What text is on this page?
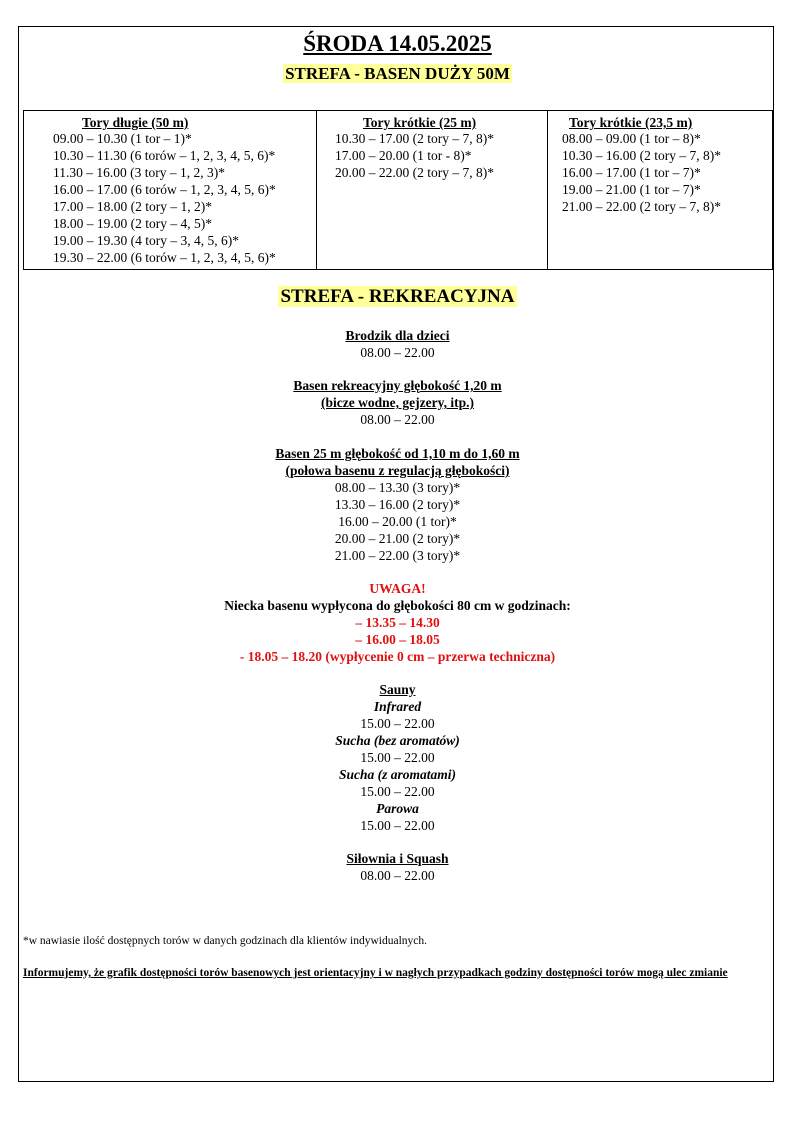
ŚRODA 14.05.2025
STREFA - BASEN DUŻY 50M
Tory długie (50 m)
09.00 – 10.30 (1 tor – 1)*
10.30 – 11.30 (6 torów – 1, 2, 3, 4, 5, 6)*
11.30 – 16.00 (3 tory – 1, 2, 3)*
16.00 – 17.00 (6 torów – 1, 2, 3, 4, 5, 6)*
17.00 – 18.00 (2 tory – 1, 2)*
18.00 – 19.00 (2 tory – 4, 5)*
19.00 – 19.30 (4 tory – 3, 4, 5, 6)*
19.30 – 22.00 (6 torów – 1, 2, 3, 4, 5, 6)*

Tory krótkie (25 m)
10.30 – 17.00 (2 tory – 7, 8)*
17.00 – 20.00 (1 tor - 8)*
20.00 – 22.00 (2 tory – 7, 8)*

Tory krótkie (23,5 m)
08.00 – 09.00 (1 tor – 8)*
10.30 – 16.00 (2 tory – 7, 8)*
16.00 – 17.00 (1 tor – 7)*
19.00 – 21.00 (1 tor – 7)*
21.00 – 22.00 (2 tory – 7, 8)*
STREFA - REKREACYJNA
Brodzik dla dzieci
08.00 – 22.00
Basen rekreacyjny głębokość 1,20 m
(bicze wodne, gejzery, itp.)
08.00 – 22.00
Basen 25 m głębokość od 1,10 m do 1,60 m
(połowa basenu z regulacją głębokości)
08.00 – 13.30 (3 tory)*
13.30 – 16.00 (2 tory)*
16.00 – 20.00 (1 tor)*
20.00 – 21.00 (2 tory)*
21.00 – 22.00 (3 tory)*
UWAGA!
Niecka basenu wypłycona do głębokości 80 cm w godzinach:
– 13.35 – 14.30
– 16.00 – 18.05
- 18.05 – 18.20 (wypłycenie 0 cm – przerwa techniczna)
Sauny
Infrared
15.00 – 22.00
Sucha (bez aromatów)
15.00 – 22.00
Sucha (z aromatami)
15.00 – 22.00
Parowa
15.00 – 22.00
Siłownia i Squash
08.00 – 22.00
*w nawiasie ilość dostępnych torów w danych godzinach dla klientów indywidualnych.
Informujemy, że grafik dostępności torów basenowych jest orientacyjny i w nagłych przypadkach godziny dostępności torów mogą ulec zmianie
